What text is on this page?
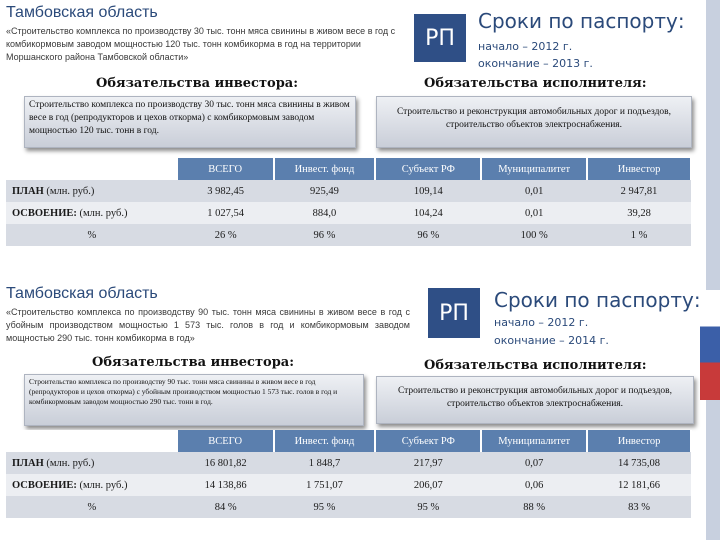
Тамбовская область
«Строительство комплекса по производству 30 тыс. тонн мяса свинины в живом весе в год с комбикормовым заводом мощностью 120 тыс. тонн комбикорма в год на территории Моршанского района Тамбовской области»
РП
Сроки по паспорту:
начало – 2012 г.
окончание – 2013 г.
Обязательства инвестора:	Обязательства исполнителя:
Строительство комплекса по производству 30 тыс. тонн мяса свинины в живом весе в год (репродукторов и цехов откорма) с комбикормовым заводом мощностью 120 тыс. тонн в год.
Строительство и реконструкция автомобильных дорог и подъездов, строительство объектов электроснабжения.
	ВСЕГО	Инвест. фонд	Субъект РФ	Муниципалитет	Инвестор
ПЛАН (млн. руб.)	3 982,45	925,49	109,14	0,01	2 947,81
ОСВОЕНИЕ: (млн. руб.)	1 027,54	884,0	104,24	0,01	39,28
%	26 %	96 %	96 %	100 %	1 %
Тамбовская область
«Строительство комплекса по производству 90 тыс. тонн мяса свинины в живом весе в год с убойным производством мощностью 1 573 тыс. голов в год и комбикормовым заводом мощностью 290 тыс. тонн комбикорма в год»
РП
Сроки по паспорту:
начало – 2012 г.
окончание – 2014 г.
Обязательства инвестора:	Обязательства исполнителя:
Строительство комплекса по производству 90 тыс. тонн мяса свинины в живом весе в год (репродукторов и цехов откорма) с убойным производством мощностью 1 573 тыс. голов в год и комбикормовым заводом мощностью 290 тыс. тонн в год.
Строительство и реконструкция автомобильных дорог и подъездов, строительство объектов электроснабжения.
	ВСЕГО	Инвест. фонд	Субъект РФ	Муниципалитет	Инвестор
ПЛАН (млн. руб.)	16 801,82	1 848,7	217,97	0,07	14 735,08
ОСВОЕНИЕ: (млн. руб.)	14 138,86	1 751,07	206,07	0,06	12 181,66
%	84 %	95 %	95 %	88 %	83 %
